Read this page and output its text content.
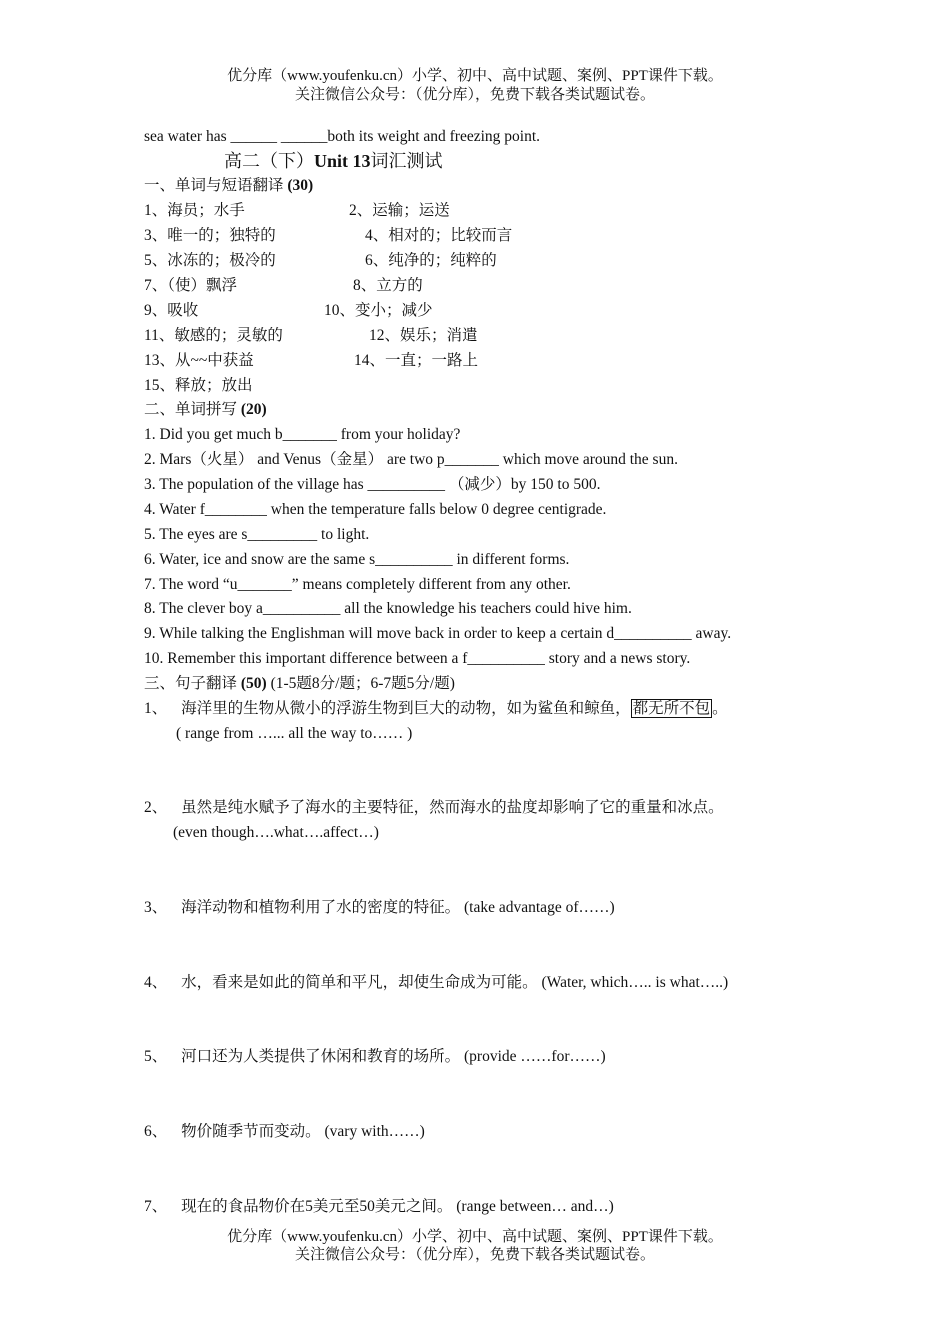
优分库（www.youfenku.cn）小学、初中、高中试题、案例、PPT课件下载。
关注微信公众号：（优分库），免费下载各类试题试卷。
sea water has ______ ______both its weight and freezing point.
高二（下）Unit 13词汇测试
一、单词与短语翻译 (30)
1、海员；水手	2、运输；运送
3、唯一的；独特的	4、相对的；比较而言
5、冰冻的；极冷的	6、纯净的；纯粹的
7、（使）飘浮	8、立方的
9、吸收	10、变小；减少
11、敏感的；灵敏的	12、娱乐；消遣
13、从~~中获益	14、一直；一路上
15、释放；放出
二、单词拼写 (20)
1. Did you get much b_______ from your holiday?
2. Mars（火星） and Venus（金星） are two p_______ which move around the sun.
3. The population of the village has __________ （减少）by 150 to 500.
4. Water f________ when the temperature falls below 0 degree centigrade.
5. The eyes are s_________ to light.
6. Water, ice and snow are the same s__________ in different forms.
7. The word “u_______” means completely different from any other.
8. The clever boy a__________ all the knowledge his teachers could hive him.
9. While talking the Englishman will move back in order to keep a certain d__________ away.
10. Remember this important difference between a f__________ story and a news story.
三、句子翻译 (50) (1-5题8分/题；6-7题5分/题)
1、 海洋里的生物从微小的浮游生物到巨大的动物，如为鲨鱼和鲸鱼， 都无所不包 。
( range from …... all the way to…… )
2、 虽然是纯水赋予了海水的主要特征，然而海水的盐度却影响了它的重量和冰点。
(even though….what….affect…)
3、 海洋动物和植物利用了水的密度的特征。 (take advantage of……)
4、 水，看来是如此的简单和平凡，却使生命成为可能。 (Water, which….. is what…..)
5、 河口还为人类提供了休闲和教育的场所。 (provide ……for……)
6、 物价随季节而变动。 (vary with……)
7、 现在的食品物价在5美元至50美元之间。 (range between… and…)
优分库（www.youfenku.cn）小学、初中、高中试题、案例、PPT课件下载。
关注微信公众号：（优分库），免费下载各类试题试卷。
